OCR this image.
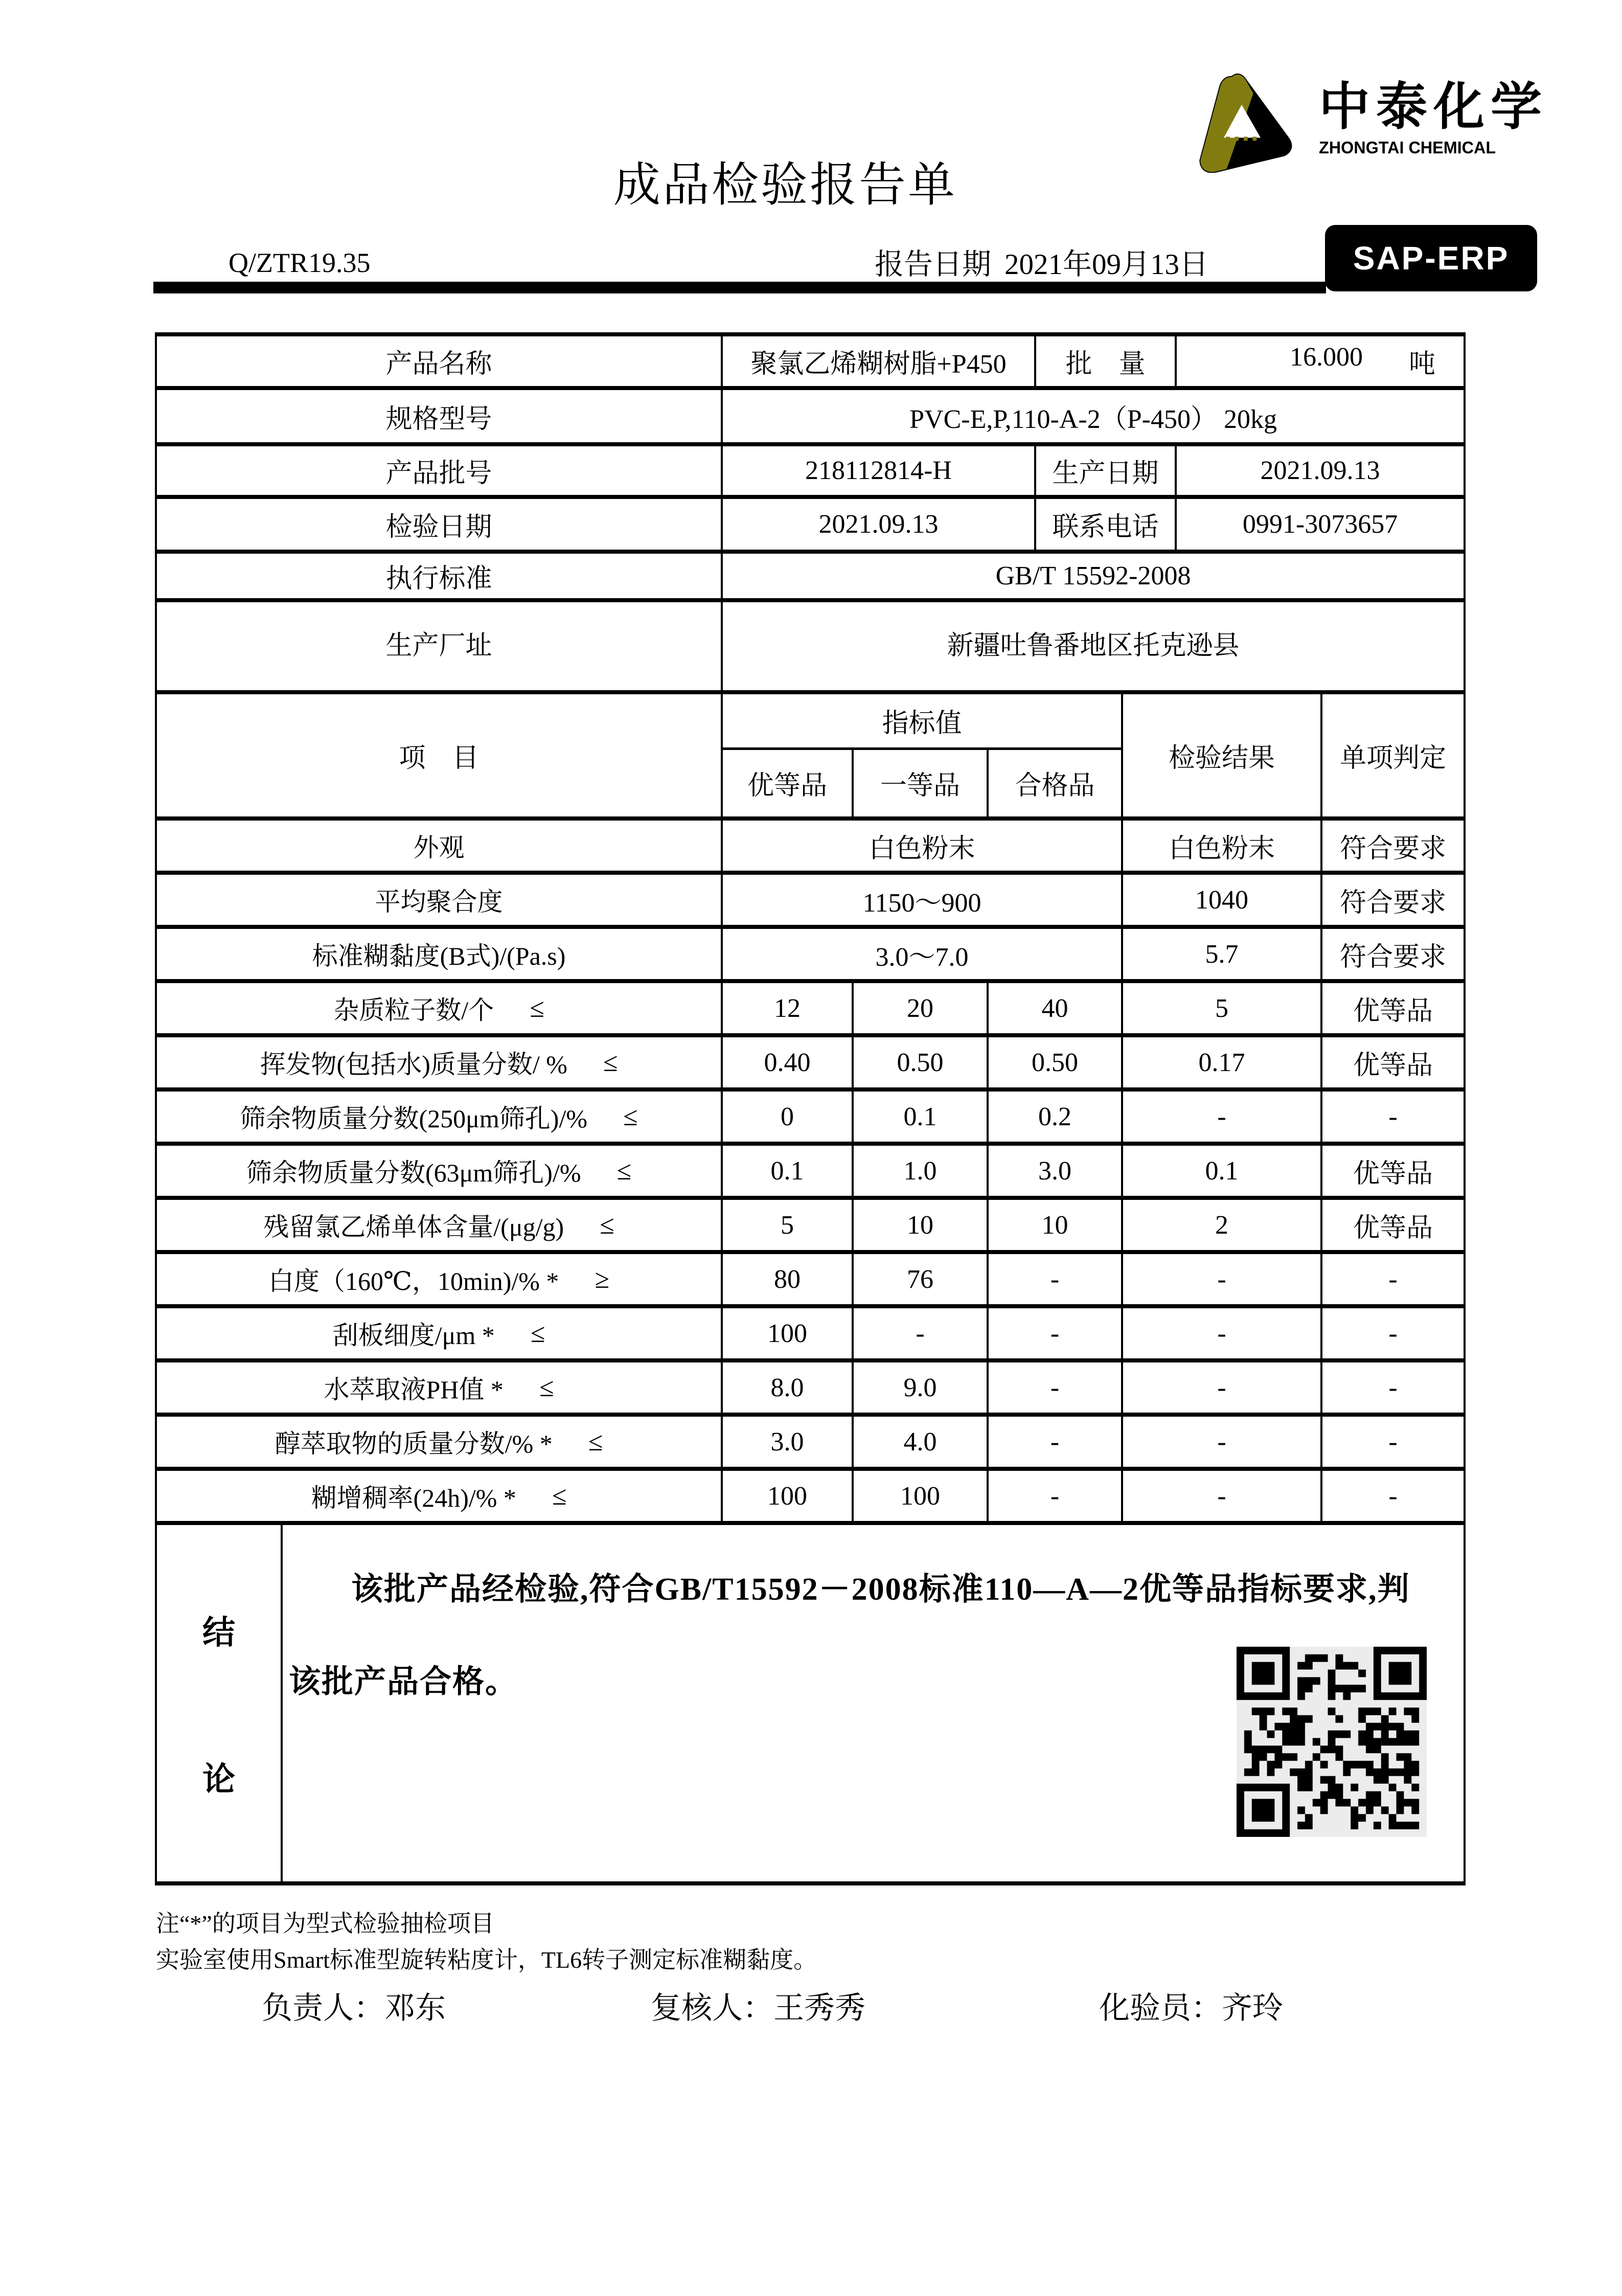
中泰化学
ZHONGTAI CHEMICAL
成品检验报告单
Q/ZTR19.35	报告日期 2021年09月13日	SAP-ERP
产品名称		聚氯乙烯糊树脂+P450			批　量		16.000 吨	

规格型号		PVC-E,P,110-A-2（P-450） 20kg						
产品批号		218112814-H			生产日期		2021.09.13	
检验日期		2021.09.13			联系电话		0991-3073657	
执行标准		GB/T 15592-2008						
生产厂址		新疆吐鲁番地区托克逊县						
项　目		指标值				检验结果		单项判定
		优等品	一等品	合格品				

外观		白色粉末				白色粉末		符合要求

平均聚合度		1150～900				1040		符合要求

标准糊黏度(B式)/(Pa.s)		3.0～7.0				5.7		符合要求

杂质粒子数/个 ≤		12	20	40		5		优等品

挥发物(包括水)质量分数/ % ≤		0.40	0.50	0.50		0.17		优等品

筛余物质量分数(250μm筛孔)/% ≤		0	0.1	0.2		-		-

筛余物质量分数(63μm筛孔)/% ≤		0.1	1.0	3.0		0.1		优等品

残留氯乙烯单体含量/(μg/g) ≤		5	10	10		2		优等品

白度（160℃，10min)/% * ≥		80	76	-		-		-

刮板细度/μm * ≤		100	-	-		-		-

水萃取液PH值 * ≤		8.0	9.0	-		-		-

醇萃取物的质量分数/% * ≤		3.0	4.0	-		-		-

糊增稠率(24h)/% * ≤		100	100	-		-		-

结
论

该批产品经检验,符合GB/T15592－2008标准110—A—2优等品指标要求,判
该批产品合格。
注“*”的项目为型式检验抽检项目
实验室使用Smart标准型旋转粘度计，TL6转子测定标准糊黏度。
负责人：邓东	复核人：王秀秀	化验员：齐玲
